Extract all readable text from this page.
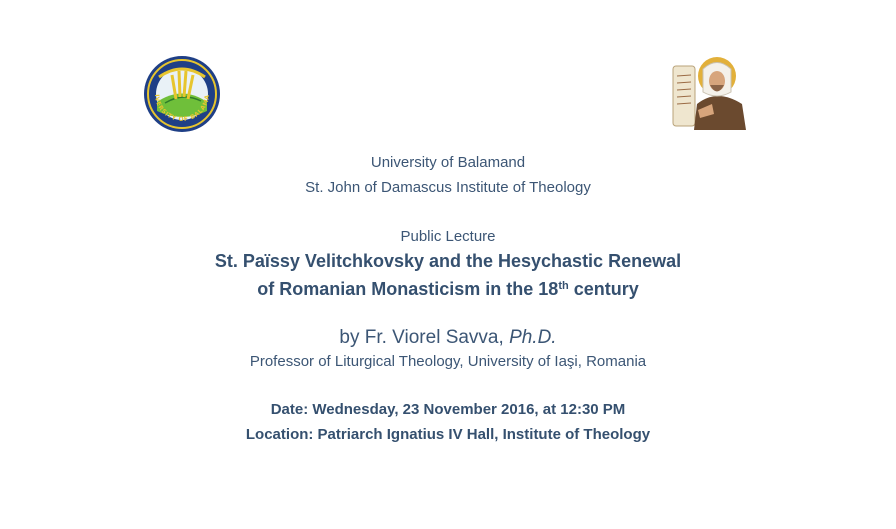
IVERSITY OF BALAMA
University of Balamand
St. John of Damascus Institute of Theology
Public Lecture
St. Païssy Velitchkovsky and the Hesychastic Renewal
of Romanian Monasticism in the 18th century
by Fr. Viorel Savva, Ph.D.
Professor of Liturgical Theology, University of Iaşi, Romania
Date: Wednesday, 23 November 2016, at 12:30 PM
Location: Patriarch Ignatius IV Hall, Institute of Theology
